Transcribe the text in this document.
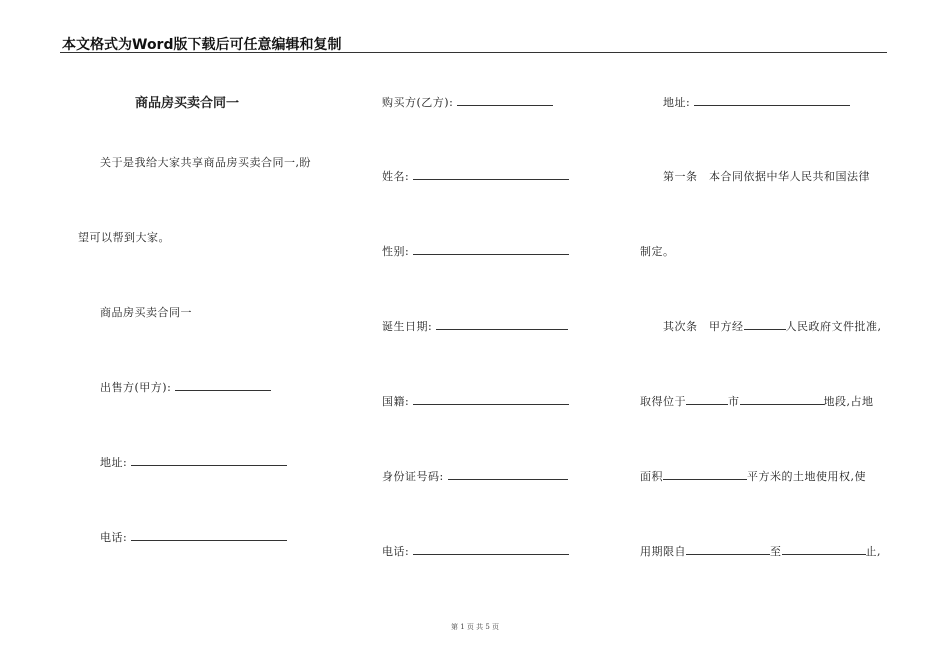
本文格式为Word版下载后可任意编辑和复制
商品房买卖合同一
关于是我给大家共享商品房买卖合同一,盼
望可以帮到大家。
商品房买卖合同一
出售方(甲方):
地址:
电话:
购买方(乙方):
姓名:
性别:
诞生日期:
国籍:
身份证号码:
电话:
地址:
第一条　本合同依据中华人民共和国法律
制定。
其次条　甲方经	人民政府文件批准,
取得位于	市	地段,占地
面积	平方米的土地使用权,使
用期限自	至	止,
第 1 页 共 5 页
